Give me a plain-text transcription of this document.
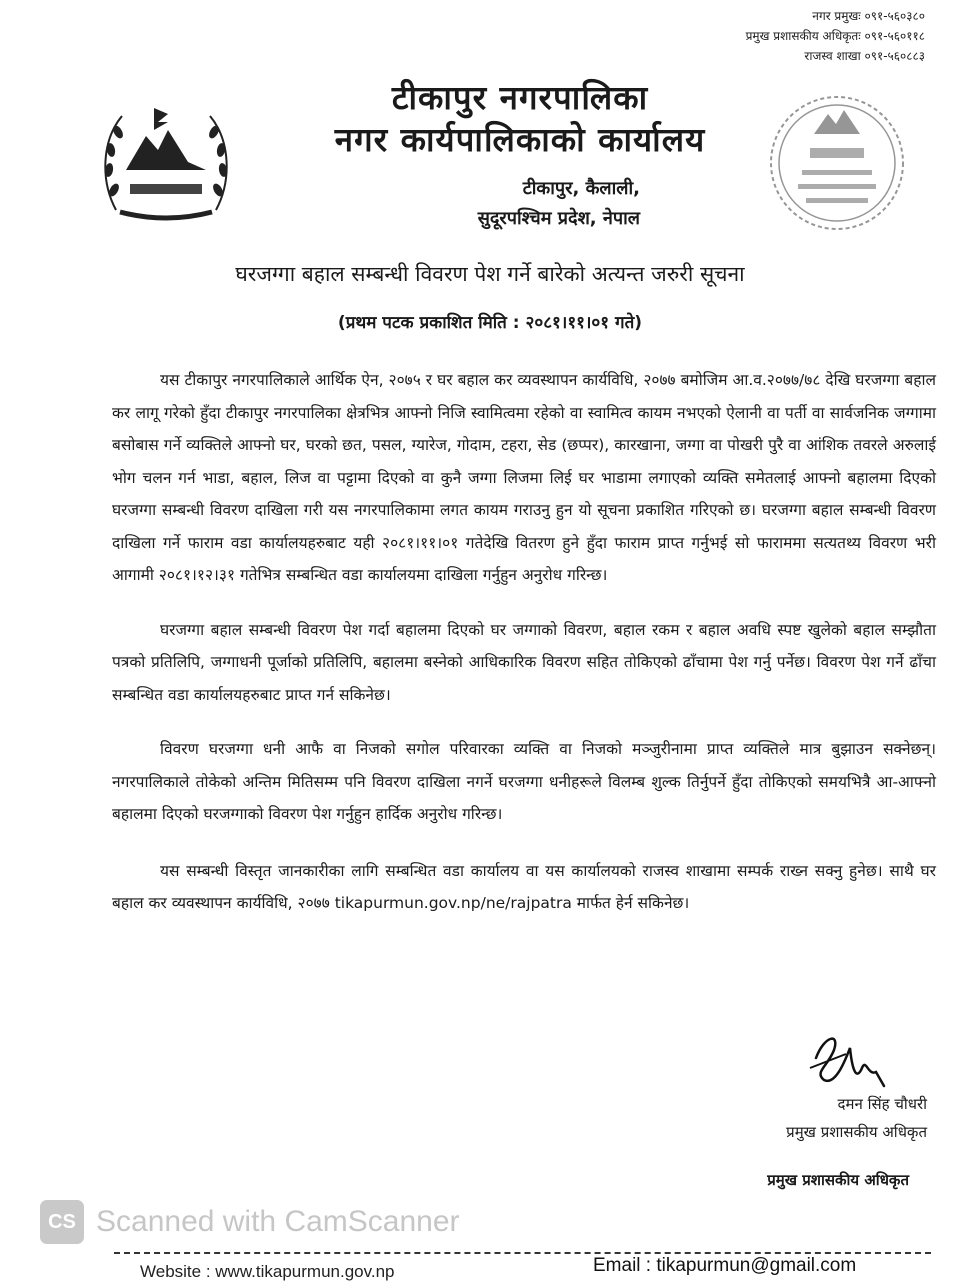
नगर प्रमुखः ०९१-५६०३८०
प्रमुख प्रशासकीय अधिकृतः ०९१-५६०११८
राजस्व शाखा ०९१-५६०८८३
टीकापुर नगरपालिका
नगर कार्यपालिकाको कार्यालय
टीकापुर, कैलाली,
सुदूरपश्चिम प्रदेश, नेपाल
घरजग्गा बहाल सम्बन्धी विवरण पेश गर्ने बारेको अत्यन्त जरुरी सूचना
(प्रथम पटक प्रकाशित मिति : २०८१।११।०१ गते)

यस टीकापुर नगरपालिकाले आर्थिक ऐन, २०७५ र घर बहाल कर व्यवस्थापन कार्यविधि, २०७७ बमोजिम आ.व.२०७७/७८ देखि घरजग्गा बहाल कर लागू गरेको हुँदा टीकापुर नगरपालिका क्षेत्रभित्र आफ्नो निजि स्वामित्वमा रहेको वा स्वामित्व कायम नभएको ऐलानी वा पर्ती वा सार्वजनिक जग्गामा बसोबास गर्ने व्यक्तिले आफ्नो घर, घरको छत, पसल, ग्यारेज, गोदाम, टहरा, सेड (छप्पर), कारखाना, जग्गा वा पोखरी पुरै वा आंशिक तवरले अरुलाई भोग चलन गर्न भाडा, बहाल, लिज वा पट्टामा दिएको वा कुनै जग्गा लिजमा लिई घर भाडामा लगाएको व्यक्ति समेतलाई आफ्नो बहालमा दिएको घरजग्गा सम्बन्धी विवरण दाखिला गरी यस नगरपालिकामा लगत कायम गराउनु हुन यो सूचना प्रकाशित गरिएको छ। घरजग्गा बहाल सम्बन्धी विवरण दाखिला गर्ने फाराम वडा कार्यालयहरुबाट यही २०८१।११।०१ गतेदेखि वितरण हुने हुँदा फाराम प्राप्त गर्नुभई सो फाराममा सत्यतथ्य विवरण भरी आगामी २०८१।१२।३१ गतेभित्र सम्बन्धित वडा कार्यालयमा दाखिला गर्नुहुन अनुरोध गरिन्छ।

घरजग्गा बहाल सम्बन्धी विवरण पेश गर्दा बहालमा दिएको घर जग्गाको विवरण, बहाल रकम र बहाल अवधि स्पष्ट खुलेको बहाल सम्झौता पत्रको प्रतिलिपि, जग्गाधनी पूर्जाको प्रतिलिपि, बहालमा बस्नेको आधिकारिक विवरण सहित तोकिएको ढाँचामा पेश गर्नु पर्नेछ। विवरण पेश गर्ने ढाँचा सम्बन्धित वडा कार्यालयहरुबाट प्राप्त गर्न सकिनेछ।

विवरण घरजग्गा धनी आफै वा निजको सगोल परिवारका व्यक्ति वा निजको मञ्जुरीनामा प्राप्त व्यक्तिले मात्र बुझाउन सक्नेछन्। नगरपालिकाले तोकेको अन्तिम मितिसम्म पनि विवरण दाखिला नगर्ने घरजग्गा धनीहरूले विलम्ब शुल्क तिर्नुपर्ने हुँदा तोकिएको समयभित्रै आ-आफ्नो बहालमा दिएको घरजग्गाको विवरण पेश गर्नुहुन हार्दिक अनुरोध गरिन्छ।

यस सम्बन्धी विस्तृत जानकारीका लागि सम्बन्धित वडा कार्यालय वा यस कार्यालयको राजस्व शाखामा सम्पर्क राख्न सक्नु हुनेछ। साथै घर बहाल कर व्यवस्थापन कार्यविधि, २०७७ tikapurmun.gov.np/ne/rajpatra मार्फत हेर्न सकिनेछ।

दमन सिंह चौधरी
प्रमुख प्रशासकीय अधिकृत
प्रमुख प्रशासकीय अधिकृत
CS Scanned with CamScanner
Website : www.tikapurmun.gov.np	Email : tikapurmun@gmail.com
